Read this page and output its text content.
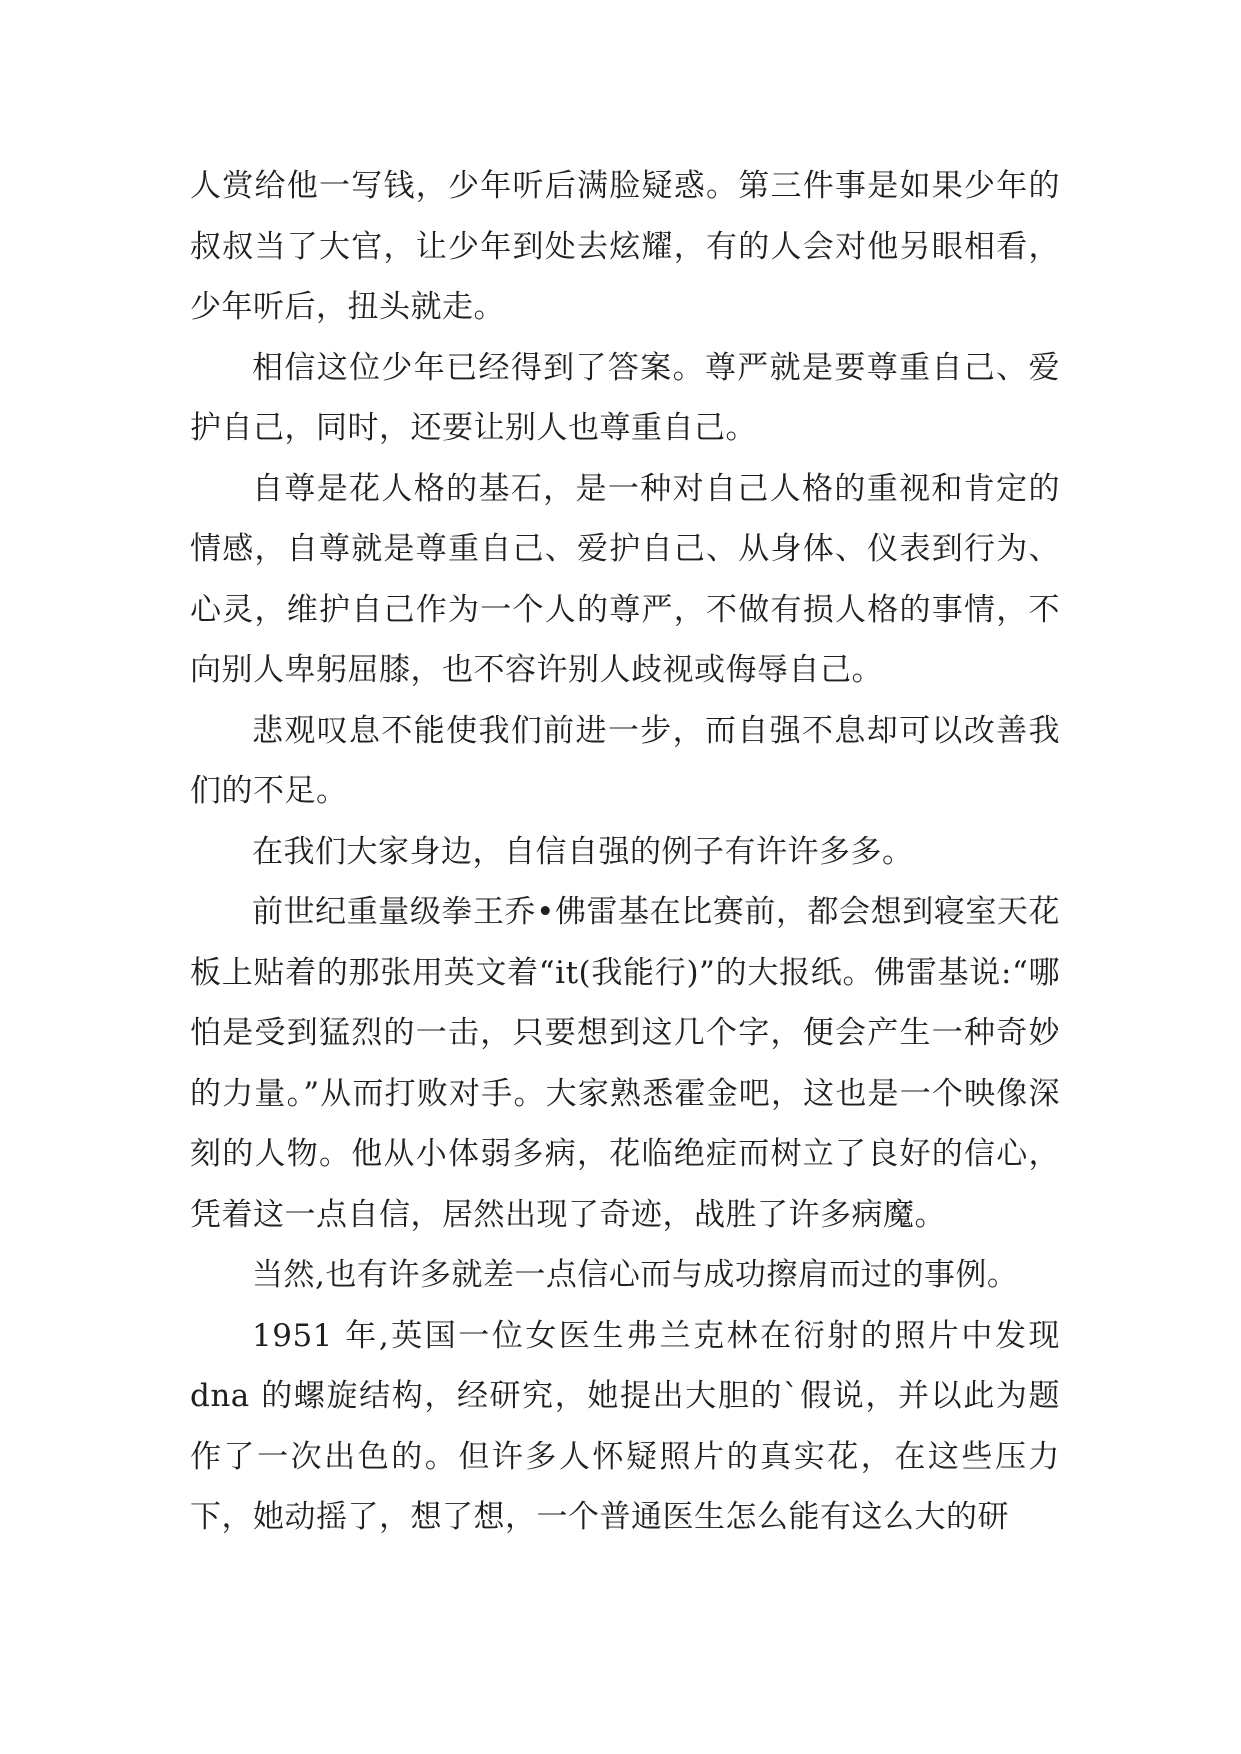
人赏给他一写钱，少年听后满脸疑惑。第三件事是如果少年的叔叔当了大官，让少年到处去炫耀，有的人会对他另眼相看，少年听后，扭头就走。

相信这位少年已经得到了答案。尊严就是要尊重自己、爱护自己，同时，还要让别人也尊重自己。

自尊是花人格的基石，是一种对自己人格的重视和肯定的情感，自尊就是尊重自己、爱护自己、从身体、仪表到行为、心灵，维护自己作为一个人的尊严，不做有损人格的事情，不向别人卑躬屈膝，也不容许别人歧视或侮辱自己。

悲观叹息不能使我们前进一步，而自强不息却可以改善我们的不足。

在我们大家身边，自信自强的例子有许许多多。

前世纪重量级拳王乔•佛雷基在比赛前，都会想到寝室天花板上贴着的那张用英文着“it(我能行)”的大报纸。佛雷基说:“哪怕是受到猛烈的一击，只要想到这几个字，便会产生一种奇妙的力量。”从而打败对手。大家熟悉霍金吧，这也是一个映像深刻的人物。他从小体弱多病，花临绝症而树立了良好的信心，凭着这一点自信，居然出现了奇迹，战胜了许多病魔。

当然,也有许多就差一点信心而与成功擦肩而过的事例。

1951 年,英国一位女医生弗兰克林在衍射的照片中发现 dna 的螺旋结构，经研究，她提出大胆的`假说，并以此为题作了一次出色的。但许多人怀疑照片的真实花，在这些压力下，她动摇了，想了想，一个普通医生怎么能有这么大的研
